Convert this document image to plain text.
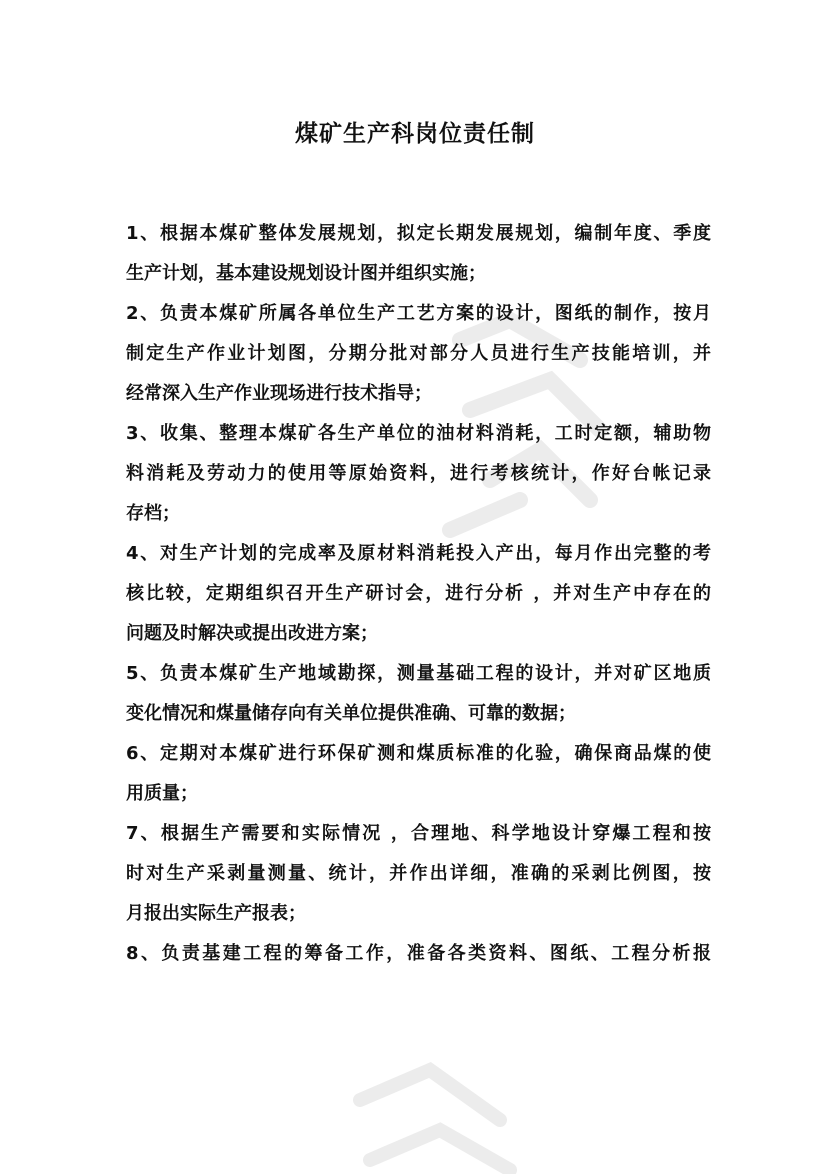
煤矿生产科岗位责任制
1、根据本煤矿整体发展规划，拟定长期发展规划，编制年度、季度
生产计划，基本建设规划设计图并组织实施；
2、负责本煤矿所属各单位生产工艺方案的设计，图纸的制作，按月
制定生产作业计划图，分期分批对部分人员进行生产技能培训，并
经常深入生产作业现场进行技术指导；
3、收集、整理本煤矿各生产单位的油材料消耗，工时定额，辅助物
料消耗及劳动力的使用等原始资料，进行考核统计，作好台帐记录
存档；
4、对生产计划的完成率及原材料消耗投入产出，每月作出完整的考
核比较，定期组织召开生产研讨会，进行分析 ，并对生产中存在的
问题及时解决或提出改进方案；
5、负责本煤矿生产地域勘探，测量基础工程的设计，并对矿区地质
变化情况和煤量储存向有关单位提供准确、可靠的数据；
6、定期对本煤矿进行环保矿测和煤质标准的化验，确保商品煤的使
用质量；
7、根据生产需要和实际情况 ，合理地、科学地设计穿爆工程和按
时对生产采剥量测量、统计，并作出详细，准确的采剥比例图，按
月报出实际生产报表；
8、负责基建工程的筹备工作，准备各类资料、图纸、工程分析报
